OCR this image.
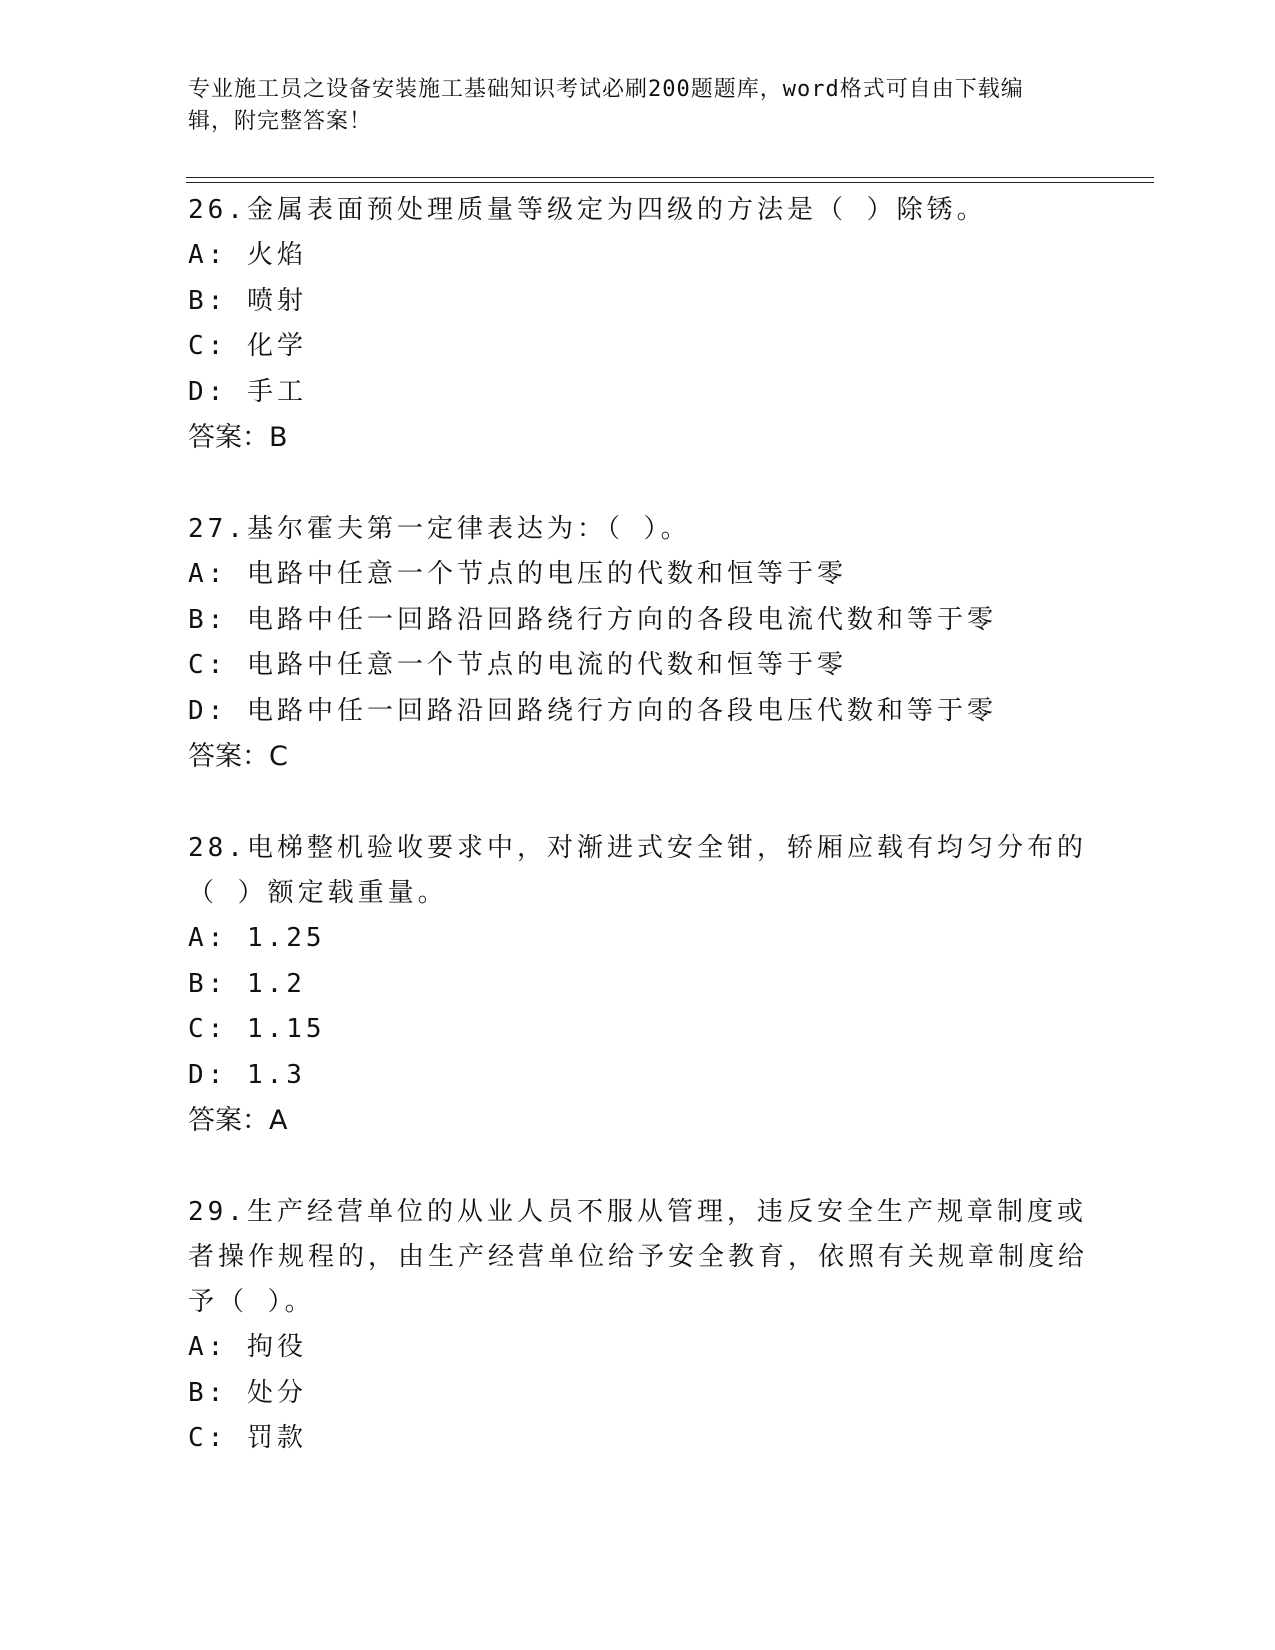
专业施工员之设备安装施工基础知识考试必刷200题题库，word格式可自由下载编辑，附完整答案！

26.金属表面预处理质量等级定为四级的方法是（ ）除锈。

A: 火焰

B: 喷射

C: 化学

D: 手工

答案：B

27.基尔霍夫第一定律表达为：（ ）。

A: 电路中任意一个节点的电压的代数和恒等于零

B: 电路中任一回路沿回路绕行方向的各段电流代数和等于零

C: 电路中任意一个节点的电流的代数和恒等于零

D: 电路中任一回路沿回路绕行方向的各段电压代数和等于零

答案：C

28.电梯整机验收要求中，对渐进式安全钳，轿厢应载有均匀分布的（ ）额定载重量。

A: 1.25

B: 1.2

C: 1.15

D: 1.3

答案：A

29.生产经营单位的从业人员不服从管理，违反安全生产规章制度或者操作规程的，由生产经营单位给予安全教育，依照有关规章制度给予（ ）。

A: 拘役

B: 处分

C: 罚款
